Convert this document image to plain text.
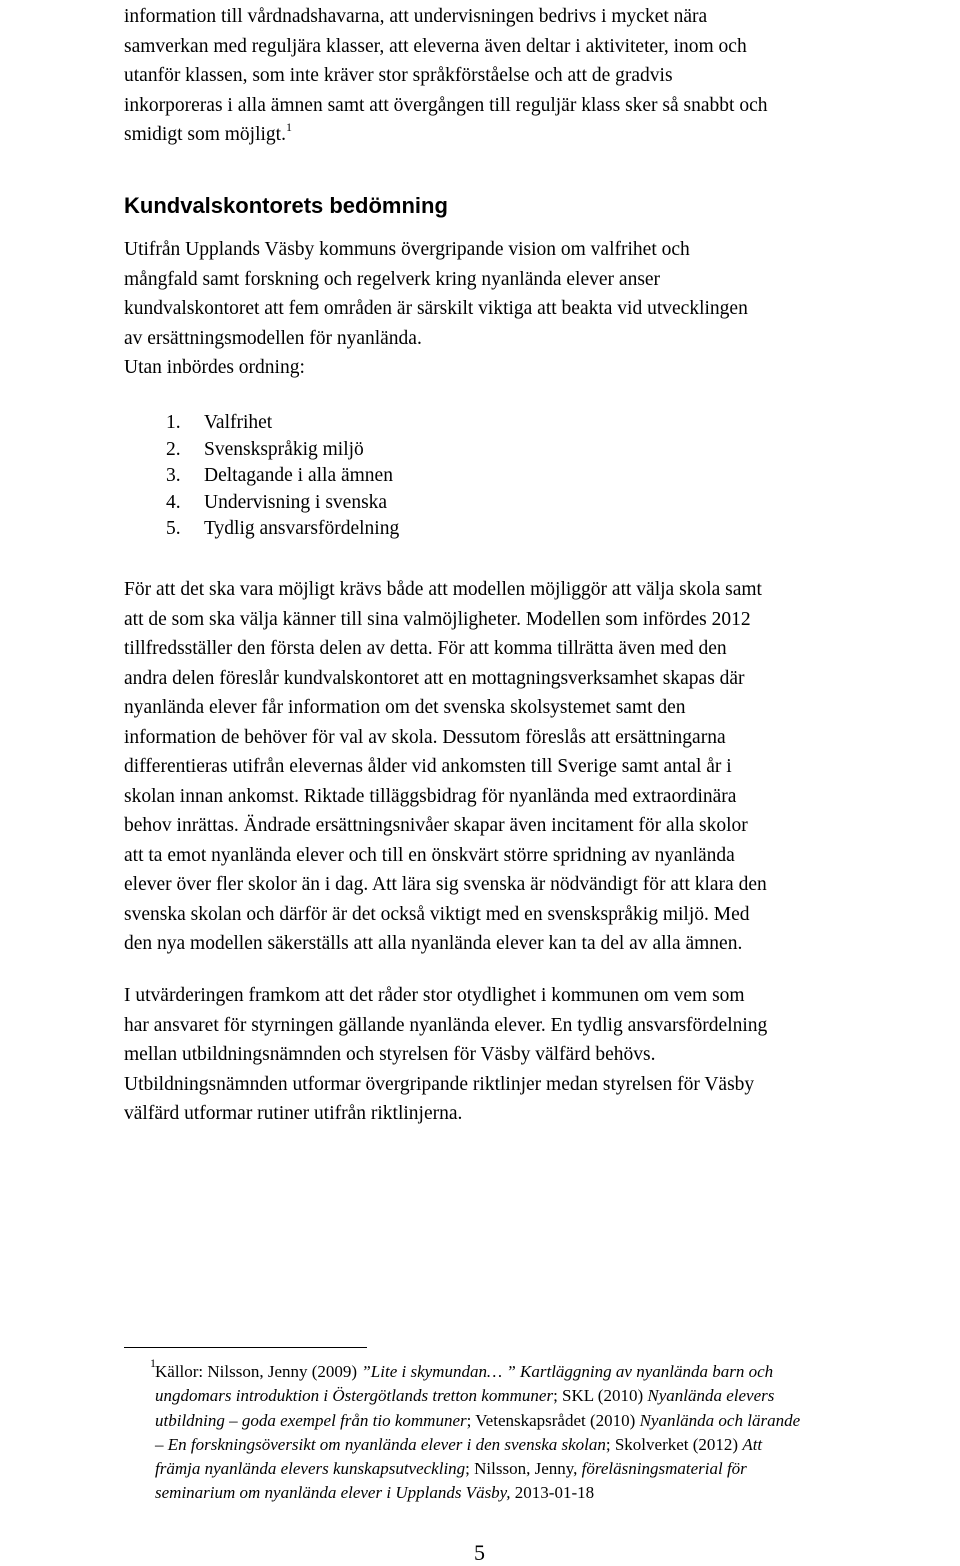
information till vårdnadshavarna, att undervisningen bedrivs i mycket nära

samverkan med reguljära klasser, att eleverna även deltar i aktiviteter, inom och

utanför klassen, som inte kräver stor språkförståelse och att de gradvis

inkorporeras i alla ämnen samt att övergången till reguljär klass sker så snabbt och

smidigt som möjligt.$^1$

Kundvalskontorets bedömning

Utifrån Upplands Väsby kommuns övergripande vision om valfrihet och

mångfald samt forskning och regelverk kring nyanlända elever anser

kundvalskontoret att fem områden är särskilt viktiga att beakta vid utvecklingen

av ersättningsmodellen för nyanlända.

Utan inbördes ordning:

1. Valfrihet
2. Svenskspråkig miljö
3. Deltagande i alla ämnen
4. Undervisning i svenska
5. Tydlig ansvarsfördelning

För att det ska vara möjligt krävs både att modellen möjliggör att välja skola samt

att de som ska välja känner till sina valmöjligheter. Modellen som infördes 2012

tillfredsställer den första delen av detta. För att komma tillrätta även med den

andra delen föreslår kundvalskontoret att en mottagningsverksamhet skapas där

nyanlända elever får information om det svenska skolsystemet samt den

information de behöver för val av skola. Dessutom föreslås att ersättningarna

differentieras utifrån elevernas ålder vid ankomsten till Sverige samt antal år i

skolan innan ankomst. Riktade tilläggsbidrag för nyanlända med extraordinära

behov inrättas. Ändrade ersättningsnivåer skapar även incitament för alla skolor

att ta emot nyanlända elever och till en önskvärt större spridning av nyanlända

elever över fler skolor än i dag. Att lära sig svenska är nödvändigt för att klara den

svenska skolan och därför är det också viktigt med en svenskspråkig miljö. Med

den nya modellen säkerställs att alla nyanlända elever kan ta del av alla ämnen.

I utvärderingen framkom att det råder stor otydlighet i kommunen om vem som

har ansvaret för styrningen gällande nyanlända elever. En tydlig ansvarsfördelning

mellan utbildningsnämnden och styrelsen för Väsby välfärd behövs.

Utbildningsnämnden utformar övergripande riktlinjer medan styrelsen för Väsby

välfärd utformar rutiner utifrån riktlinjerna.

1 Källor: Nilsson, Jenny (2009) ”Lite i skymundan… ” Kartläggning av nyanlända barn och

ungdomars introduktion i Östergötlands tretton kommuner; SKL (2010) Nyanlända elevers

utbildning – goda exempel från tio kommuner; Vetenskapsrådet (2010) Nyanlända och lärande

– En forskningsöversikt om nyanlända elever i den svenska skolan; Skolverket (2012) Att

främja nyanlända elevers kunskapsutveckling; Nilsson, Jenny, föreläsningsmaterial för

seminarium om nyanlända elever i Upplands Väsby, 2013-01-18

5
